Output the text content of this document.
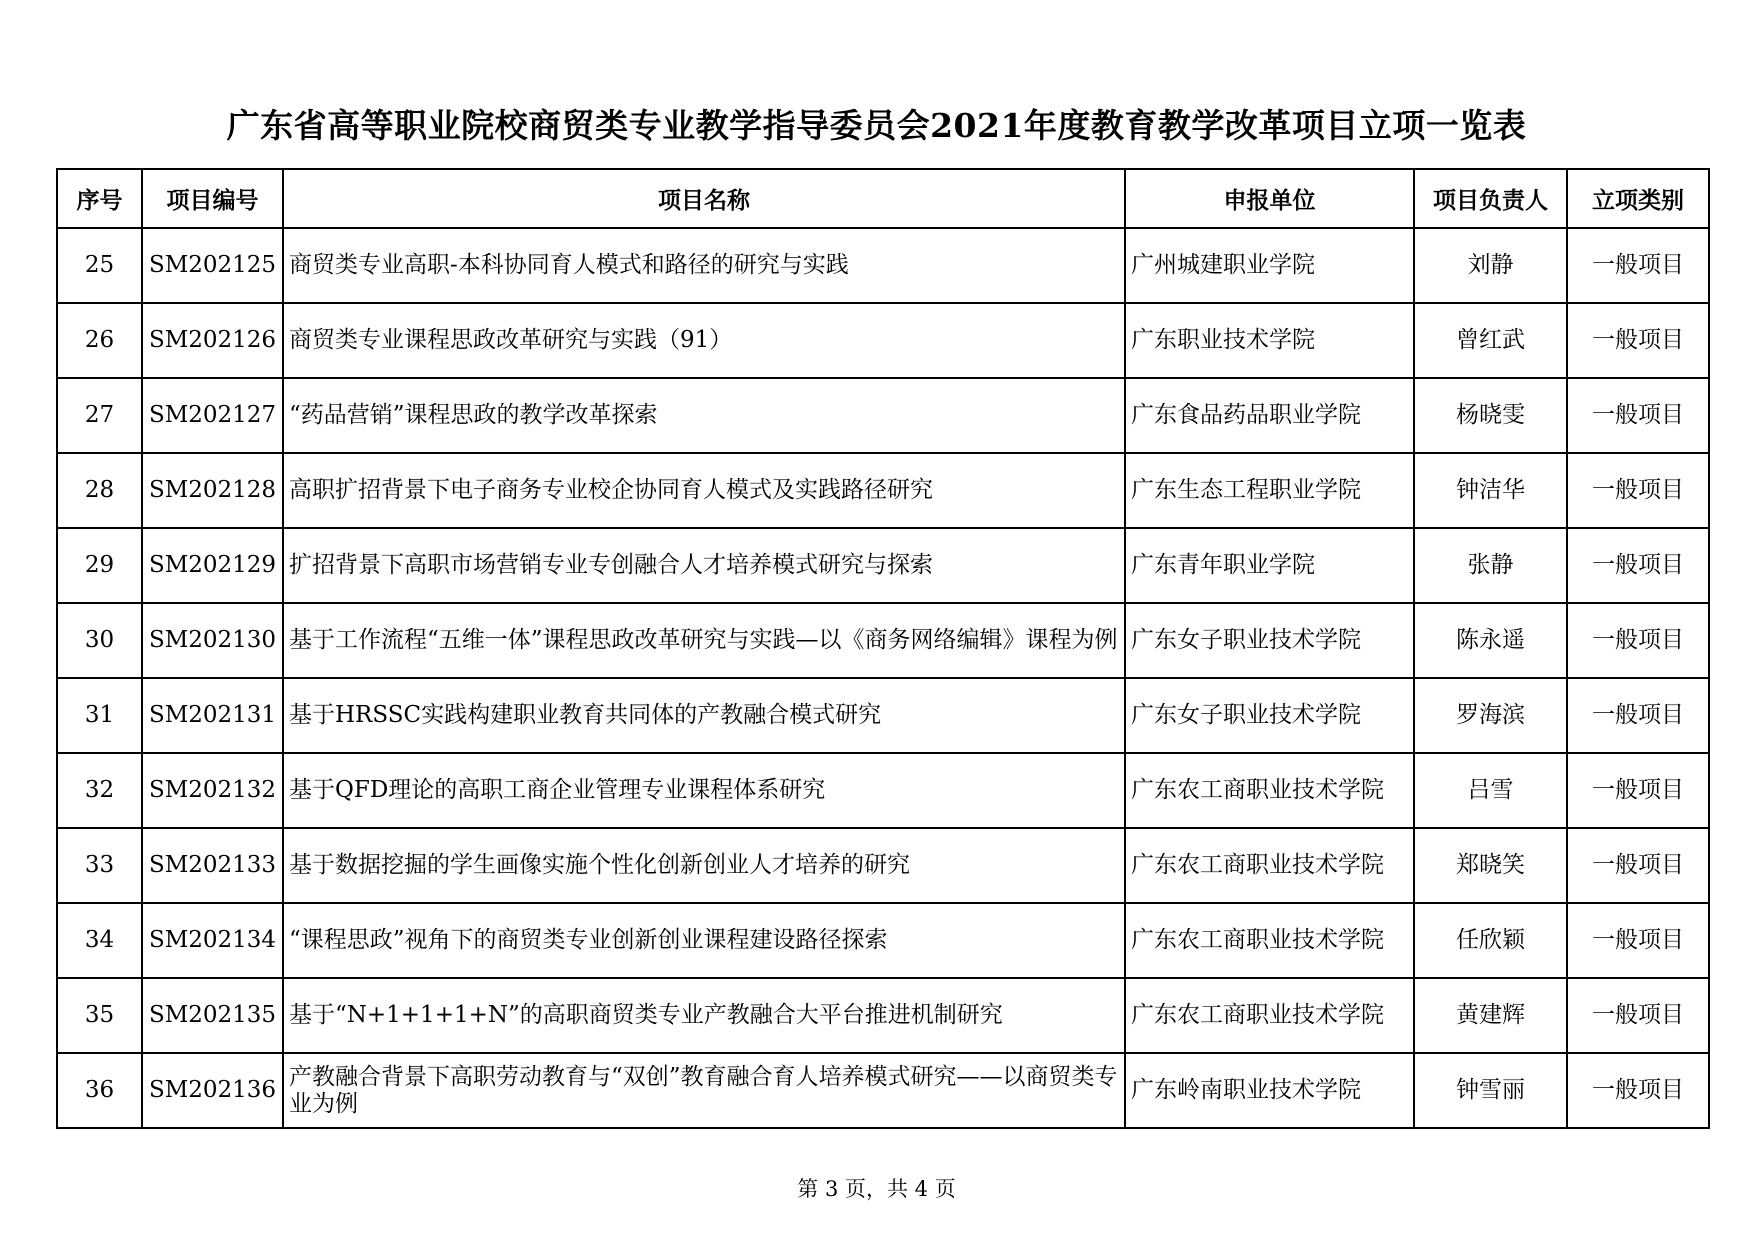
广东省高等职业院校商贸类专业教学指导委员会2021年度教育教学改革项目立项一览表
序号	项目编号	项目名称	申报单位	项目负责人	立项类别
25	SM202125	商贸类专业高职-本科协同育人模式和路径的研究与实践	广州城建职业学院	刘静	一般项目
26	SM202126	商贸类专业课程思政改革研究与实践（91）	广东职业技术学院	曾红武	一般项目
27	SM202127	“药品营销”课程思政的教学改革探索	广东食品药品职业学院	杨晓雯	一般项目
28	SM202128	高职扩招背景下电子商务专业校企协同育人模式及实践路径研究	广东生态工程职业学院	钟洁华	一般项目
29	SM202129	扩招背景下高职市场营销专业专创融合人才培养模式研究与探索	广东青年职业学院	张静	一般项目
30	SM202130	基于工作流程“五维一体”课程思政改革研究与实践—以《商务网络编辑》课程为例	广东女子职业技术学院	陈永遥	一般项目
31	SM202131	基于HRSSC实践构建职业教育共同体的产教融合模式研究	广东女子职业技术学院	罗海滨	一般项目
32	SM202132	基于QFD理论的高职工商企业管理专业课程体系研究	广东农工商职业技术学院	吕雪	一般项目
33	SM202133	基于数据挖掘的学生画像实施个性化创新创业人才培养的研究	广东农工商职业技术学院	郑晓笑	一般项目
34	SM202134	“课程思政”视角下的商贸类专业创新创业课程建设路径探索	广东农工商职业技术学院	任欣颖	一般项目
35	SM202135	基于“N+1+1+1+N”的高职商贸类专业产教融合大平台推进机制研究	广东农工商职业技术学院	黄建辉	一般项目
36	SM202136	产教融合背景下高职劳动教育与“双创”教育融合育人培养模式研究——以商贸类专业为例	广东岭南职业技术学院	钟雪丽	一般项目
第 3 页，共 4 页
